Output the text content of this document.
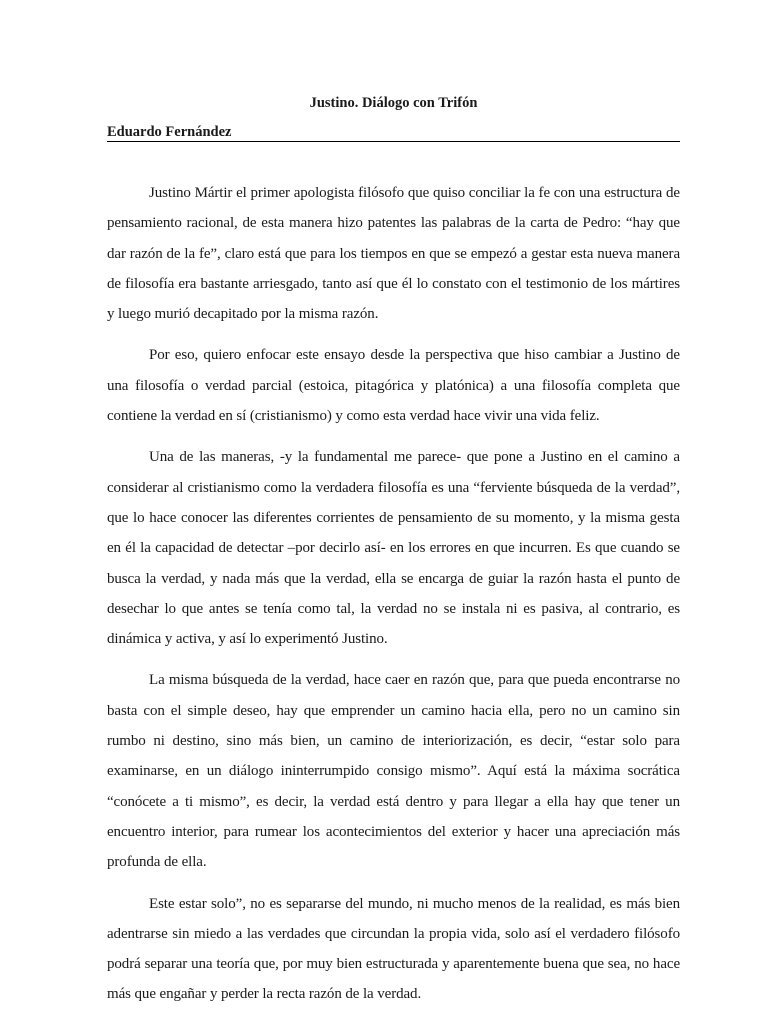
Justino. Diálogo con Trifón
Eduardo Fernández

Justino Mártir el primer apologista filósofo que quiso conciliar la fe con una estructura de pensamiento racional, de esta manera hizo patentes las palabras de la carta de Pedro: “hay que dar razón de la fe”, claro está que para los tiempos en que se empezó a gestar esta nueva manera de filosofía era bastante arriesgado, tanto así que él lo constato con el testimonio de los mártires y luego murió decapitado por la misma razón.

Por eso, quiero enfocar este ensayo desde la perspectiva que hiso cambiar a Justino de una filosofía o verdad parcial (estoica, pitagórica y platónica) a una filosofía completa que contiene la verdad en sí (cristianismo) y como esta verdad hace vivir una vida feliz.

Una de las maneras, -y la fundamental me parece- que pone a Justino en el camino a considerar al cristianismo como la verdadera filosofía es una “ferviente búsqueda de la verdad”, que lo hace conocer las diferentes corrientes de pensamiento de su momento, y la misma gesta en él la capacidad de detectar –por decirlo así- en los errores en que incurren. Es que cuando se busca la verdad, y nada más que la verdad, ella se encarga de guiar la razón hasta el punto de desechar lo que antes se tenía como tal, la verdad no se instala ni es pasiva, al contrario, es dinámica y activa, y así lo experimentó Justino.

La misma búsqueda de la verdad, hace caer en razón que, para que pueda encontrarse no basta con el simple deseo, hay que emprender un camino hacia ella, pero no un camino sin rumbo ni destino, sino más bien, un camino de interiorización, es decir, “estar solo para examinarse, en un diálogo ininterrumpido consigo mismo”. Aquí está la máxima socrática “conócete a ti mismo”, es decir, la verdad está dentro y para llegar a ella hay que tener un encuentro interior, para rumear los acontecimientos del exterior y hacer una apreciación más profunda de ella.

Este estar solo”, no es separarse del mundo, ni mucho menos de la realidad, es más bien adentrarse sin miedo a las verdades que circundan la propia vida, solo así el verdadero filósofo podrá separar una teoría que, por muy bien estructurada y aparentemente buena que sea, no hace más que engañar y perder la recta razón de la verdad.
